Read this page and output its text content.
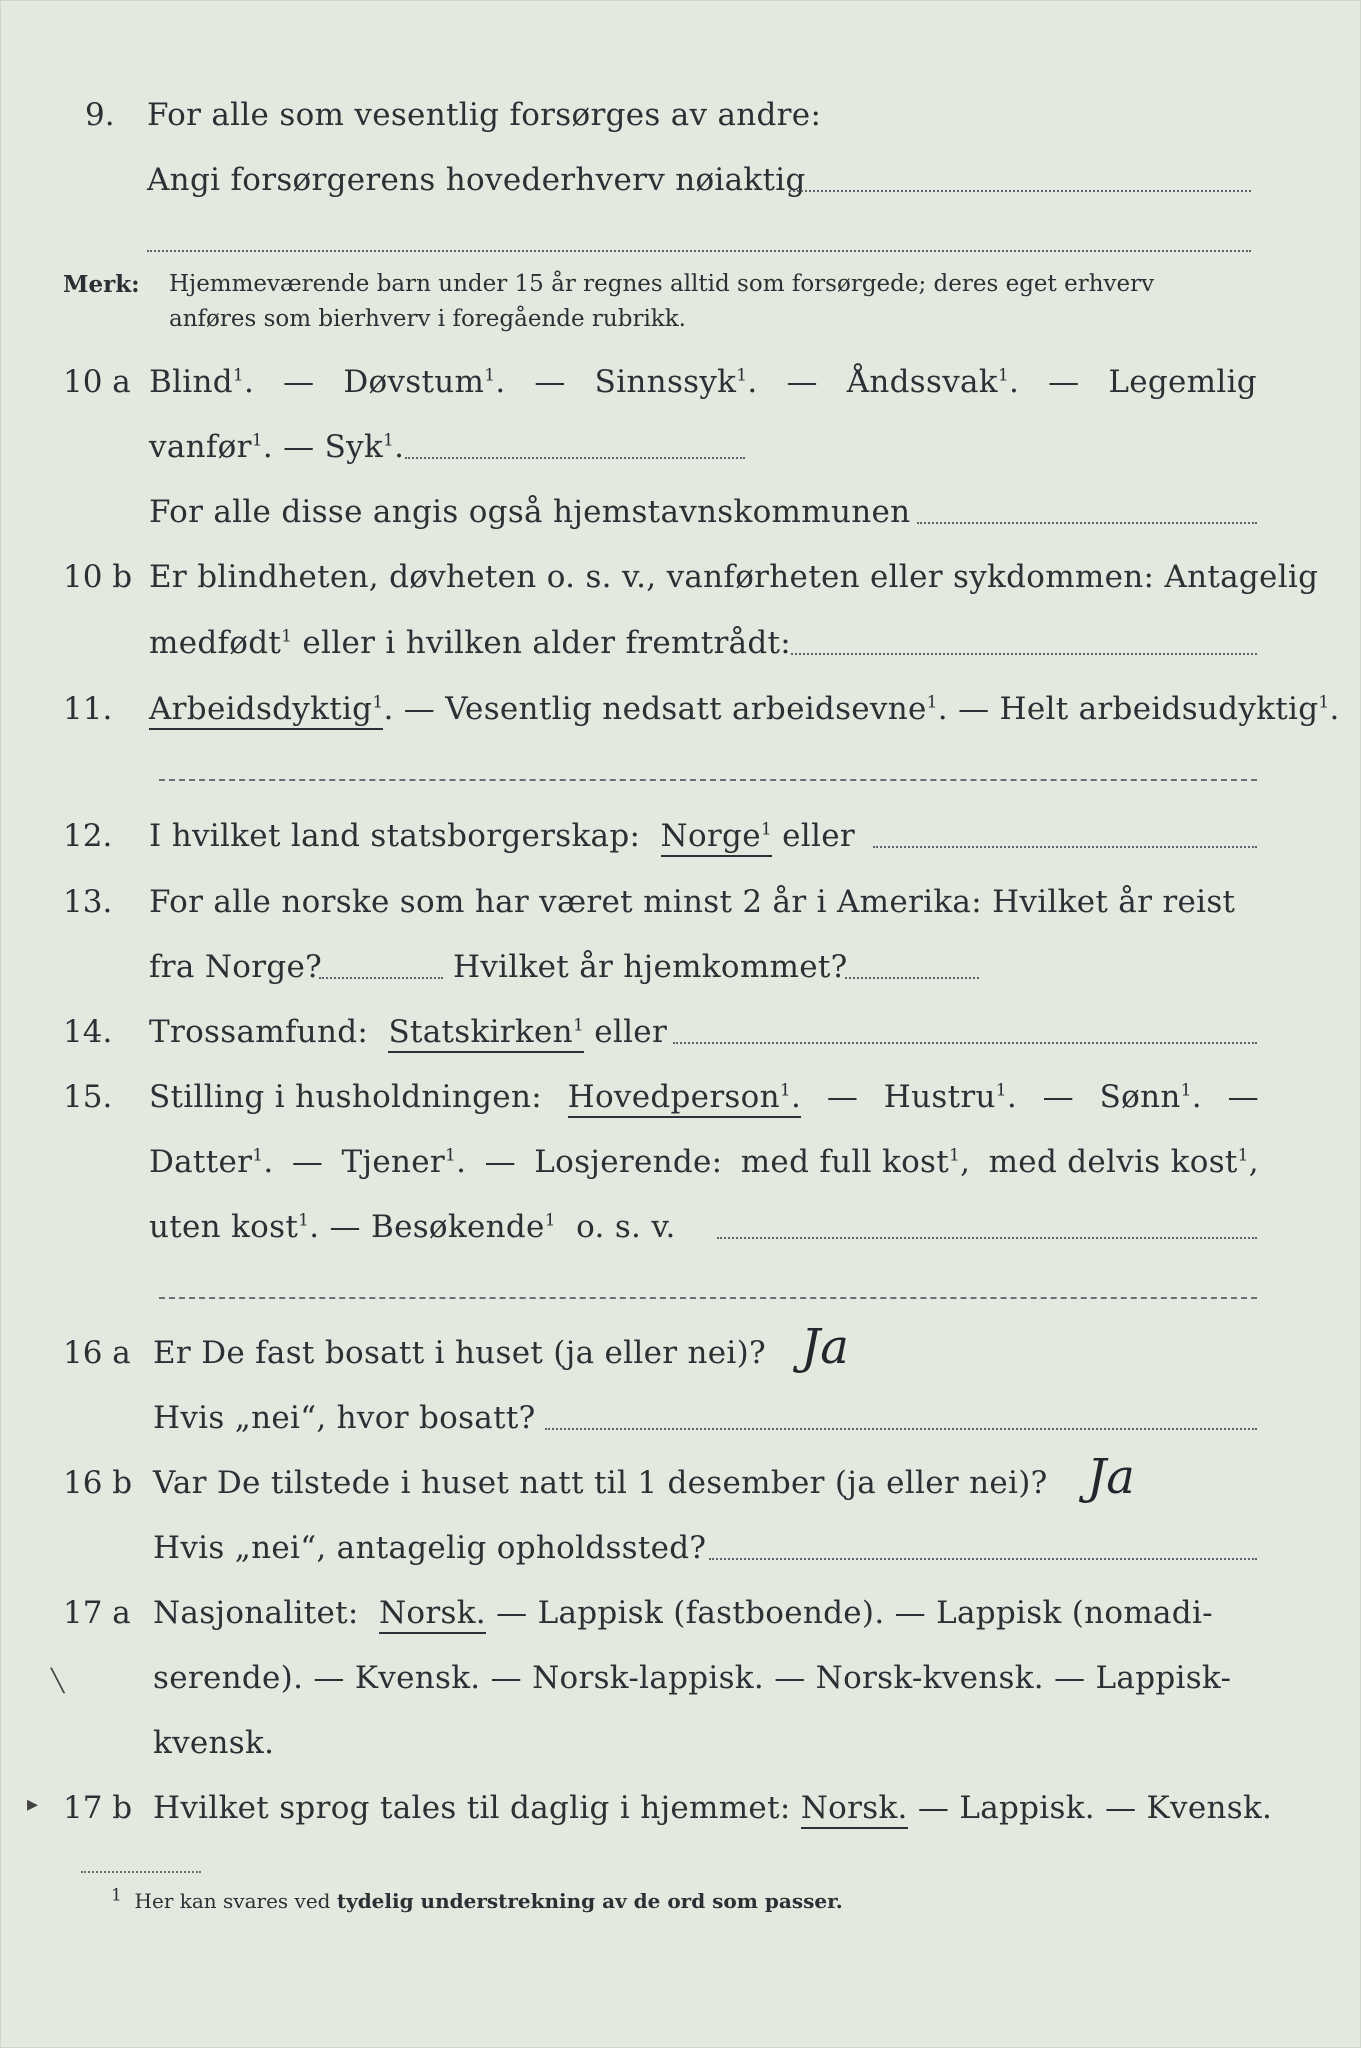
9. For alle som vesentlig forsørges av andre:
Angi forsørgerens hovederhverv nøiaktig
Merk: Hjemmeværende barn under 15 år regnes alltid som forsørgede; deres eget erhverv
anføres som bierhverv i foregående rubrikk.
10 a Blind$^1$. — Døvstum$^1$. — Sinnssyk$^1$. — Åndssvak$^1$. — Legemlig
vanfør$^1$. — Syk$^1$.
For alle disse angis også hjemstavnskommunen
10 b Er blindheten, døvheten o. s. v., vanførheten eller sykdommen: Antagelig
medfødt$^1$ eller i hvilken alder fremtrådt:
11. Arbeidsdyktig$^1$. — Vesentlig nedsatt arbeidsevne$^1$. — Helt arbeidsudyktig$^1$.
12. I hvilket land statsborgerskap: Norge$^1$ eller
13. For alle norske som har været minst 2 år i Amerika: Hvilket år reist
fra Norge?	Hvilket år hjemkommet?
14. Trossamfund: Statskirken$^1$ eller
15. Stilling i husholdningen: Hovedperson$^1$. — Hustru$^1$. — Sønn$^1$. —
Datter$^1$. — Tjener$^1$. — Losjerende: med full kost$^1$, med delvis kost$^1$,
uten kost$^1$. — Besøkende$^1$ o. s. v.
16 a Er De fast bosatt i huset (ja eller nei)? Ja
Hvis „nei“, hvor bosatt?
16 b Var De tilstede i huset natt til 1 desember (ja eller nei)? Ja
Hvis „nei“, antagelig opholdssted?
17 a Nasjonalitet: Norsk. — Lappisk (fastboende). — Lappisk (nomadi-
╲	serende). — Kvensk. — Norsk-lappisk. — Norsk-kvensk. — Lappisk-
kvensk.
▸ 17 b Hvilket sprog tales til daglig i hjemmet: Norsk. — Lappisk. — Kvensk.
$^1$ Her kan svares ved tydelig understrekning av de ord som passer.
